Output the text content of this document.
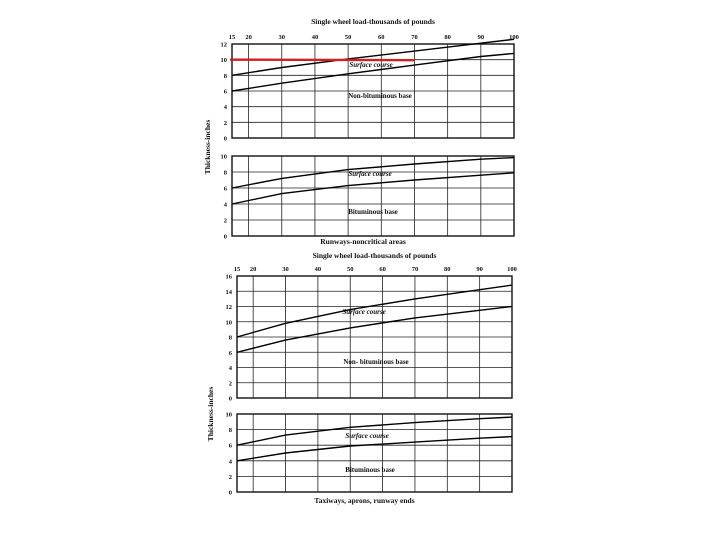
Single wheel load-thousands of pounds
15 20	30	40	50	60	70	80	90	100
Runways-noncritical areas
Thickness-inches 0
2
4
6
8
10
12
Surface course
Non-bituminous base
0
2
4
6
8
10
Surface course
Bituminous base
Single wheel load-thousands of pounds
15 20	30	40	50	60	70	80	90	100
Taxiways, aprons, runway ends
Thickness-inches 0
2
4
6
8
10
12
14
16
Surface course
Non- bituminous base
0
2
4
6
8
10
Surface course
Bituminous base
